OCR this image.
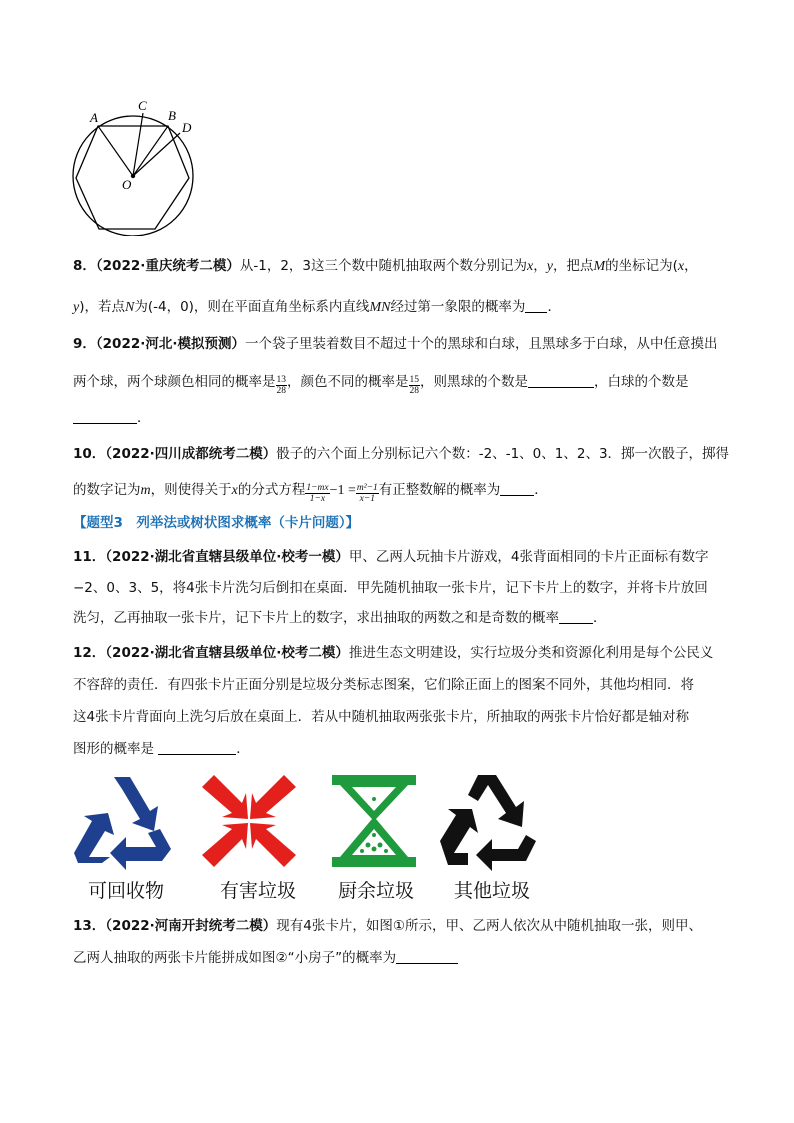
A
C
B
D
O
8．（2022·重庆统考二模）从-1，2，3这三个数中随机抽取两个数分别记为x，y，把点M的坐标记为(x，
y)，若点N为(-4，0)，则在平面直角坐标系内直线MN经过第一象限的概率为 ．
9．（2022·河北·模拟预测）一个袋子里装着数目不超过十个的黑球和白球，且黑球多于白球，从中任意摸出
两个球，两个球颜色相同的概率是 $\frac{13}{28}$ ，颜色不同的概率是 $\frac{15}{28}$ ，则黑球的个数是	，白球的个数是
．
10．（2022·四川成都统考二模）骰子的六个面上分别标记六个数：-2、-1、0、1、2、3．掷一次骰子，掷得
的数字记为m，则使得关于x的分式方程 $\frac{1-mx}{1-x} -1 = \frac{\text{m²−1}}{x-1}$ 有正整数解的概率为	．
【题型3　列举法或树状图求概率（卡片问题）】
11．（2022·湖北省直辖县级单位·校考一模）甲、乙两人玩抽卡片游戏，4张背面相同的卡片正面标有数字
−2、0、3、5，将4张卡片洗匀后倒扣在桌面．甲先随机抽取一张卡片，记下卡片上的数字，并将卡片放回
洗匀，乙再抽取一张卡片，记下卡片上的数字，求出抽取的两数之和是奇数的概率	．
12．（2022·湖北省直辖县级单位·校考二模）推进生态文明建设，实行垃圾分类和资源化利用是每个公民义
不容辞的责任．有四张卡片正面分别是垃圾分类标志图案，它们除正面上的图案不同外，其他均相同．将
这4张卡片背面向上洗匀后放在桌面上．若从中随机抽取两张张卡片，所抽取的两张卡片恰好都是轴对称
图形的概率是	．
可回收物	有害垃圾	厨余垃圾	其他垃圾
13．（2022·河南开封统考二模）现有4张卡片，如图①所示，甲、乙两人依次从中随机抽取一张，则甲、
乙两人抽取的两张卡片能拼成如图②“小房子”的概率为
